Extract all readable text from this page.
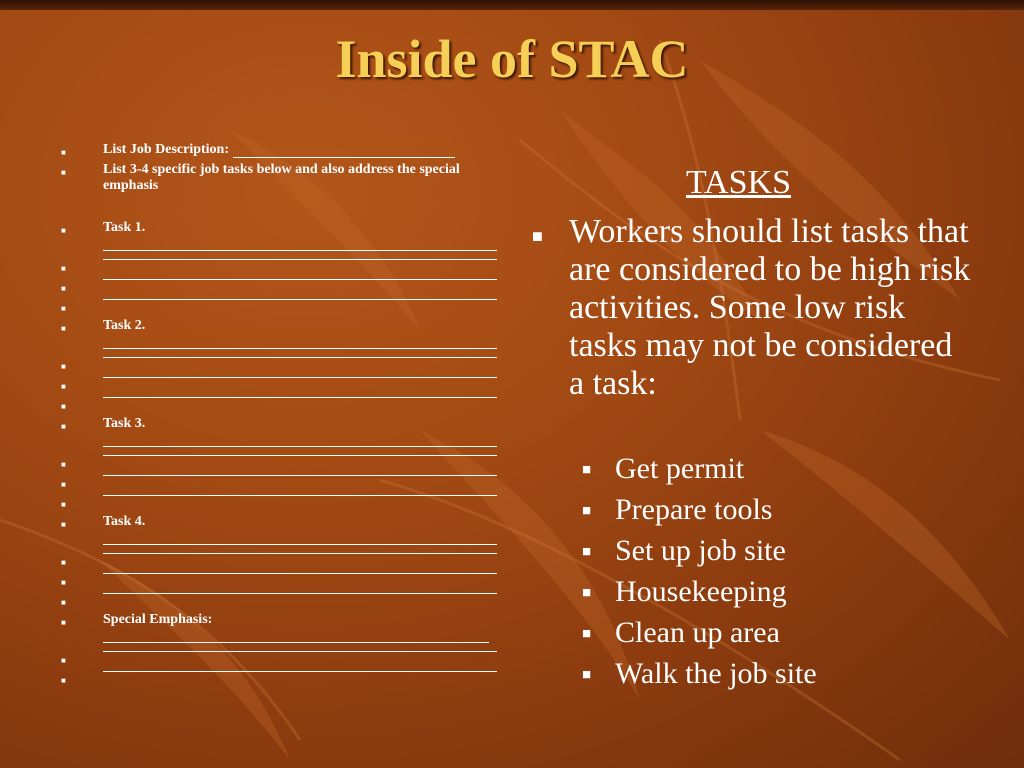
Inside of STAC
■	List Job Description:
■	List 3-4 specific job tasks below and also address the special emphasis
■	Task 1.
■
■
■
■	Task 2.
■
■
■
■	Task 3.
■
■
■
■	Task 4.
■
■
■
■	Special Emphasis:
■
■
TASKS
■ Workers should list tasks that are considered to be high risk activities. Some low risk tasks may not be considered a task:
■ Get permit
■ Prepare tools
■ Set up job site
■ Housekeeping
■ Clean up area
■ Walk the job site
